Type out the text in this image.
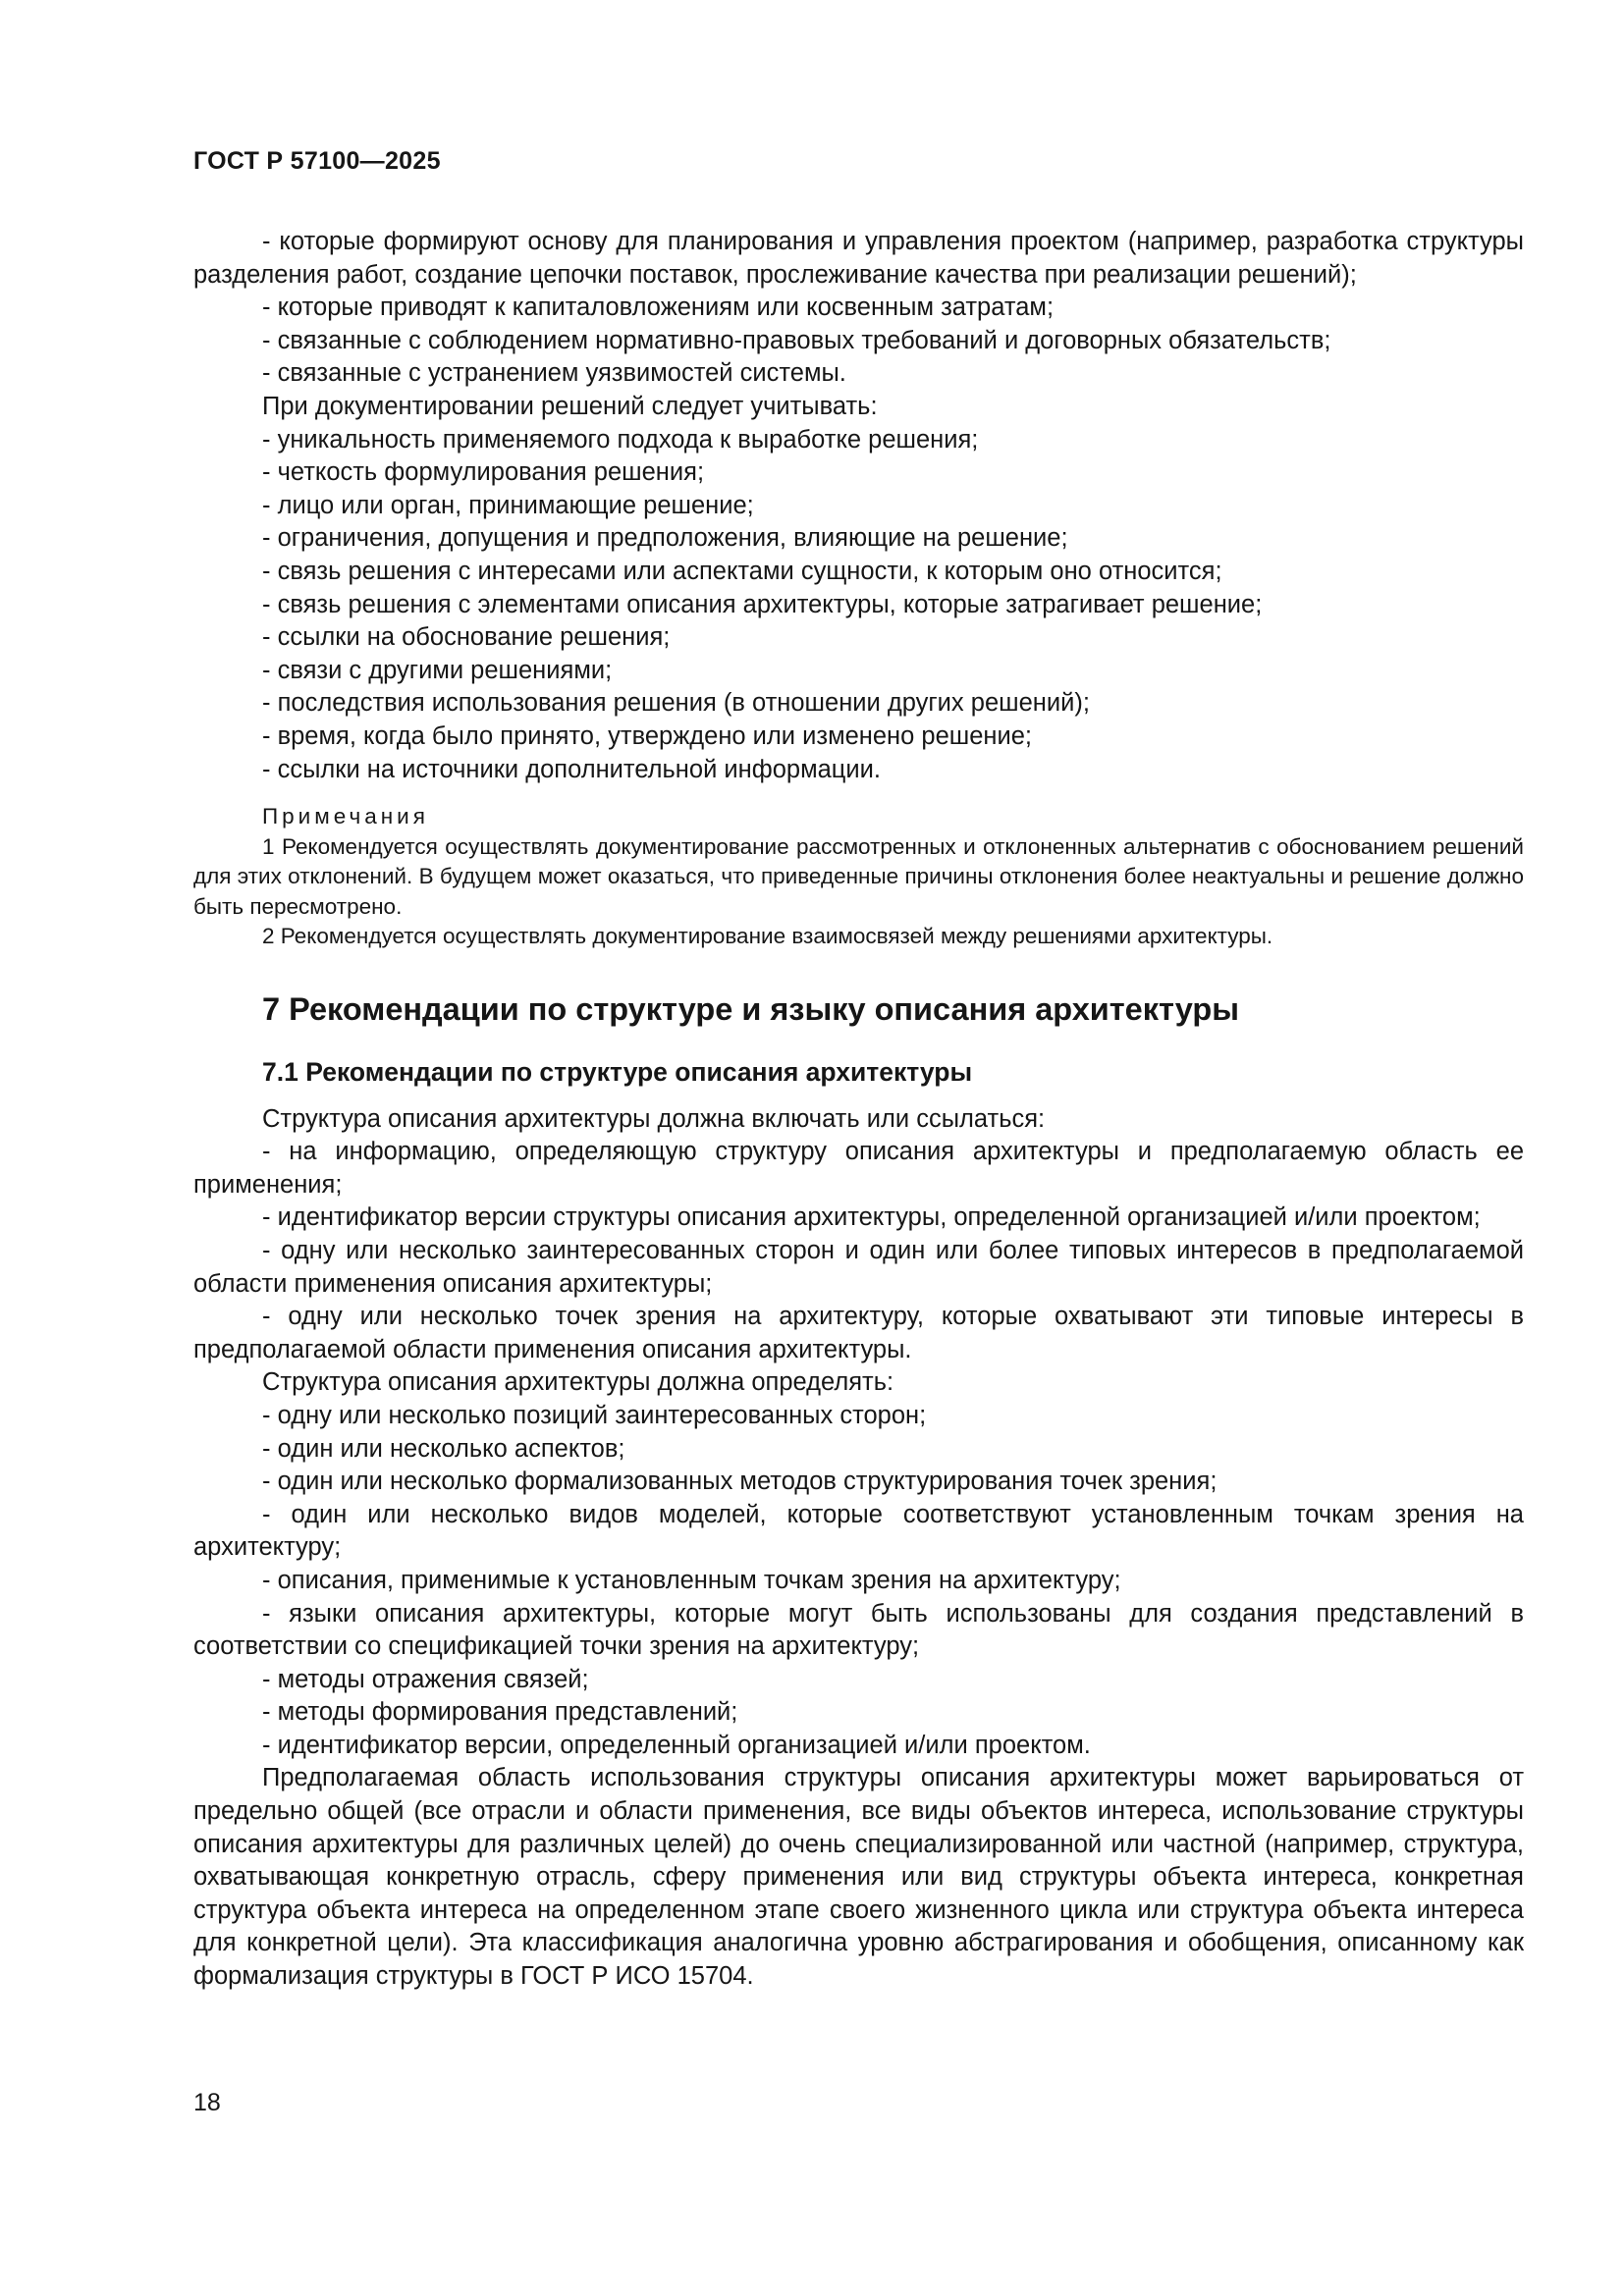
ГОСТ Р 57100—2025

- которые формируют основу для планирования и управления проектом (например, разработка структуры разделения работ, создание цепочки поставок, прослеживание качества при реализации решений);

- которые приводят к капиталовложениям или косвенным затратам;

- связанные с соблюдением нормативно-правовых требований и договорных обязательств;

- связанные с устранением уязвимостей системы.

При документировании решений следует учитывать:

- уникальность применяемого подхода к выработке решения;

- четкость формулирования решения;

- лицо или орган, принимающие решение;

- ограничения, допущения и предположения, влияющие на решение;

- связь решения с интересами или аспектами сущности, к которым оно относится;

- связь решения с элементами описания архитектуры, которые затрагивает решение;

- ссылки на обоснование решения;

- связи с другими решениями;

- последствия использования решения (в отношении других решений);

- время, когда было принято, утверждено или изменено решение;

- ссылки на источники дополнительной информации.

Примечания

1 Рекомендуется осуществлять документирование рассмотренных и отклоненных альтернатив с обоснованием решений для этих отклонений. В будущем может оказаться, что приведенные причины отклонения более неактуальны и решение должно быть пересмотрено.

2 Рекомендуется осуществлять документирование взаимосвязей между решениями архитектуры.

7 Рекомендации по структуре и языку описания архитектуры
7.1 Рекомендации по структуре описания архитектуры

Структура описания архитектуры должна включать или ссылаться:

- на информацию, определяющую структуру описания архитектуры и предполагаемую область ее применения;

- идентификатор версии структуры описания архитектуры, определенной организацией и/или проектом;

- одну или несколько заинтересованных сторон и один или более типовых интересов в предполагаемой области применения описания архитектуры;

- одну или несколько точек зрения на архитектуру, которые охватывают эти типовые интересы в предполагаемой области применения описания архитектуры.

Структура описания архитектуры должна определять:

- одну или несколько позиций заинтересованных сторон;

- один или несколько аспектов;

- один или несколько формализованных методов структурирования точек зрения;

- один или несколько видов моделей, которые соответствуют установленным точкам зрения на архитектуру;

- описания, применимые к установленным точкам зрения на архитектуру;

- языки описания архитектуры, которые могут быть использованы для создания представлений в соответствии со спецификацией точки зрения на архитектуру;

- методы отражения связей;

- методы формирования представлений;

- идентификатор версии, определенный организацией и/или проектом.

Предполагаемая область использования структуры описания архитектуры может варьироваться от предельно общей (все отрасли и области применения, все виды объектов интереса, использование структуры описания архитектуры для различных целей) до очень специализированной или частной (например, структура, охватывающая конкретную отрасль, сферу применения или вид структуры объекта интереса, конкретная структура объекта интереса на определенном этапе своего жизненного цикла или структура объекта интереса для конкретной цели). Эта классификация аналогична уровню абстрагирования и обобщения, описанному как формализация структуры в ГОСТ Р ИСО 15704.

18
